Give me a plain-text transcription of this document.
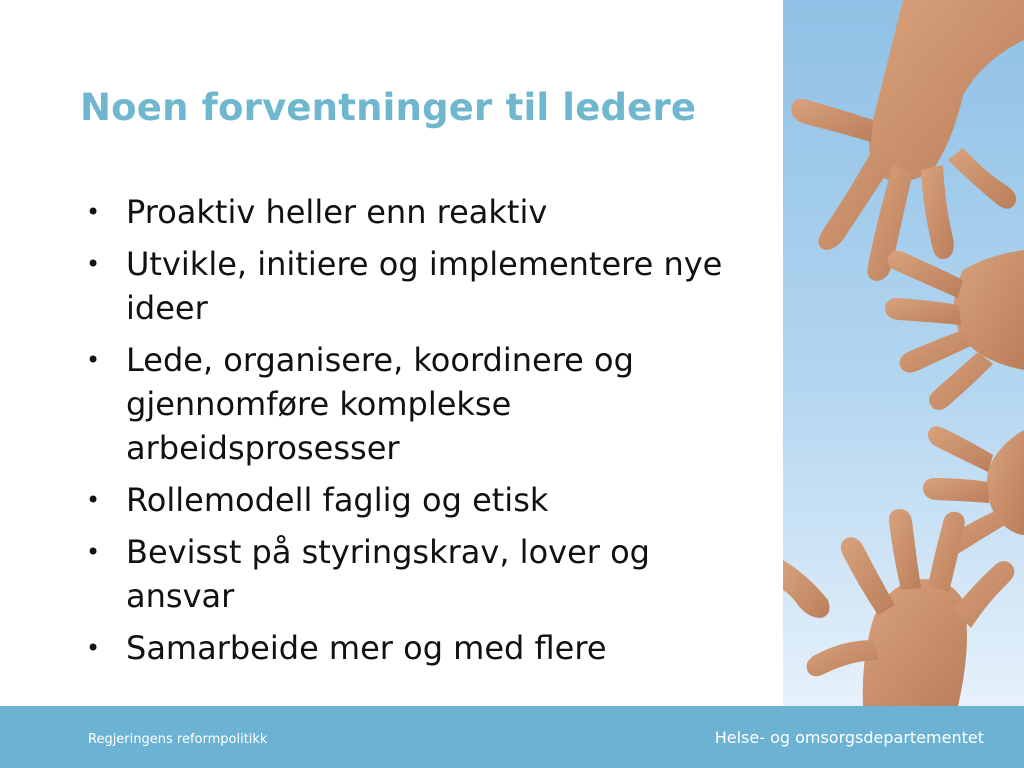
Noen forventninger til ledere
• Proaktiv heller enn reaktiv
• Utvikle, initiere og implementere nye ideer
• Lede, organisere, koordinere og gjennomføre komplekse arbeidsprosesser
• Rollemodell faglig og etisk
• Bevisst på styringskrav, lover og ansvar
• Samarbeide mer og med flere
Regjeringens reformpolitikk	Helse- og omsorgsdepartementet
